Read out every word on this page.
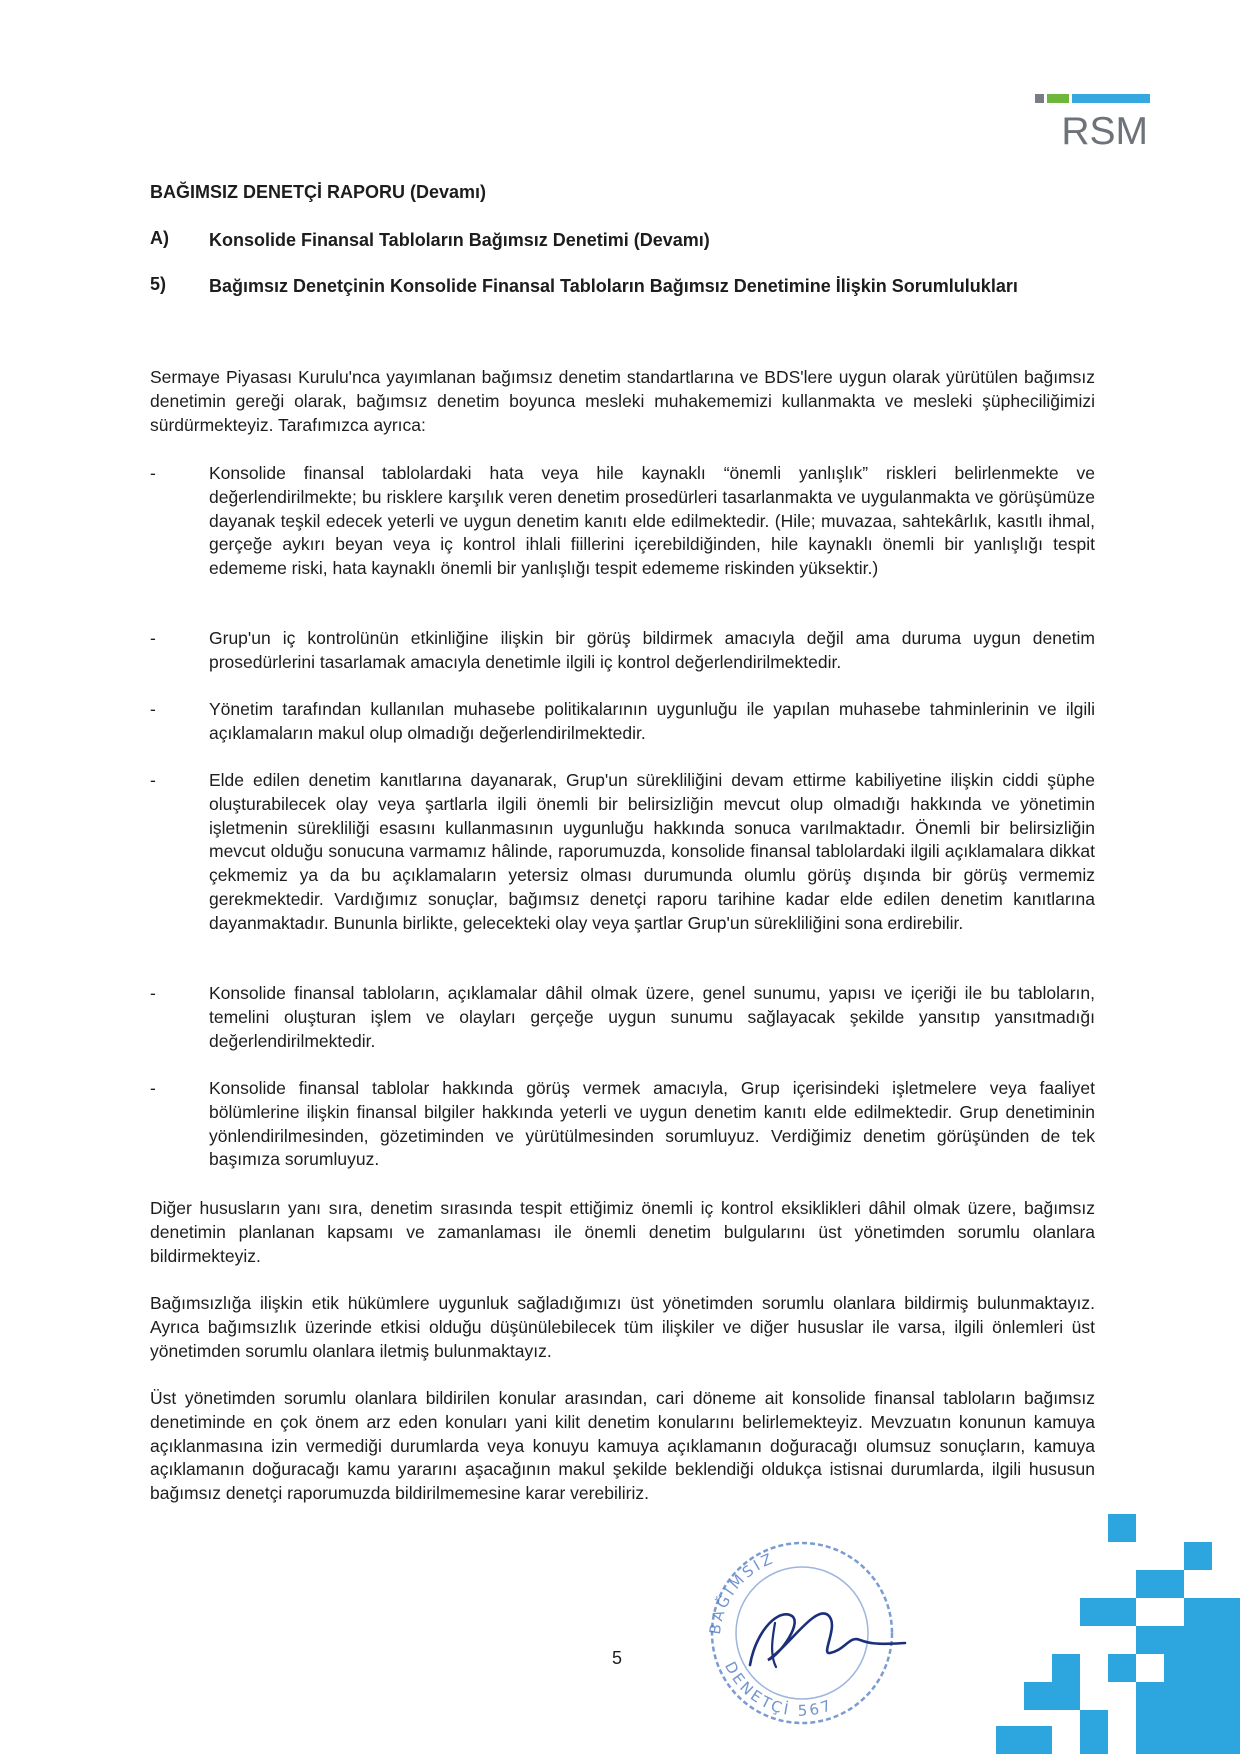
RSM
BAĞIMSIZ DENETÇİ RAPORU (Devamı)
A) Konsolide Finansal Tabloların Bağımsız Denetimi (Devamı)
5) Bağımsız Denetçinin Konsolide Finansal Tabloların Bağımsız Denetimine İlişkin Sorumlulukları

Sermaye Piyasası Kurulu'nca yayımlanan bağımsız denetim standartlarına ve BDS'lere uygun olarak yürütülen bağımsız denetimin gereği olarak, bağımsız denetim boyunca mesleki muhakememizi kullanmakta ve mesleki şüpheciliğimizi sürdürmekteyiz. Tarafımızca ayrıca:

-	Konsolide finansal tablolardaki hata veya hile kaynaklı “önemli yanlışlık” riskleri belirlenmekte ve değerlendirilmekte; bu risklere karşılık veren denetim prosedürleri tasarlanmakta ve uygulanmakta ve görüşümüze dayanak teşkil edecek yeterli ve uygun denetim kanıtı elde edilmektedir. (Hile; muvazaa, sahtekârlık, kasıtlı ihmal, gerçeğe aykırı beyan veya iç kontrol ihlali fiillerini içerebildiğinden, hile kaynaklı önemli bir yanlışlığı tespit edememe riski, hata kaynaklı önemli bir yanlışlığı tespit edememe riskinden yüksektir.)
-	Grup'un iç kontrolünün etkinliğine ilişkin bir görüş bildirmek amacıyla değil ama duruma uygun denetim prosedürlerini tasarlamak amacıyla denetimle ilgili iç kontrol değerlendirilmektedir.
-	Yönetim tarafından kullanılan muhasebe politikalarının uygunluğu ile yapılan muhasebe tahminlerinin ve ilgili açıklamaların makul olup olmadığı değerlendirilmektedir.
-	Elde edilen denetim kanıtlarına dayanarak, Grup'un sürekliliğini devam ettirme kabiliyetine ilişkin ciddi şüphe oluşturabilecek olay veya şartlarla ilgili önemli bir belirsizliğin mevcut olup olmadığı hakkında ve yönetimin işletmenin sürekliliği esasını kullanmasının uygunluğu hakkında sonuca varılmaktadır. Önemli bir belirsizliğin mevcut olduğu sonucuna varmamız hâlinde, raporumuzda, konsolide finansal tablolardaki ilgili açıklamalara dikkat çekmemiz ya da bu açıklamaların yetersiz olması durumunda olumlu görüş dışında bir görüş vermemiz gerekmektedir. Vardığımız sonuçlar, bağımsız denetçi raporu tarihine kadar elde edilen denetim kanıtlarına dayanmaktadır. Bununla birlikte, gelecekteki olay veya şartlar Grup'un sürekliliğini sona erdirebilir.
-	Konsolide finansal tabloların, açıklamalar dâhil olmak üzere, genel sunumu, yapısı ve içeriği ile bu tabloların, temelini oluşturan işlem ve olayları gerçeğe uygun sunumu sağlayacak şekilde yansıtıp yansıtmadığı değerlendirilmektedir.
-	Konsolide finansal tablolar hakkında görüş vermek amacıyla, Grup içerisindeki işletmelere veya faaliyet bölümlerine ilişkin finansal bilgiler hakkında yeterli ve uygun denetim kanıtı elde edilmektedir. Grup denetiminin yönlendirilmesinden, gözetiminden ve yürütülmesinden sorumluyuz. Verdiğimiz denetim görüşünden de tek başımıza sorumluyuz.

Diğer hususların yanı sıra, denetim sırasında tespit ettiğimiz önemli iç kontrol eksiklikleri dâhil olmak üzere, bağımsız denetimin planlanan kapsamı ve zamanlaması ile önemli denetim bulgularını üst yönetimden sorumlu olanlara bildirmekteyiz.

Bağımsızlığa ilişkin etik hükümlere uygunluk sağladığımızı üst yönetimden sorumlu olanlara bildirmiş bulunmaktayız. Ayrıca bağımsızlık üzerinde etkisi olduğu düşünülebilecek tüm ilişkiler ve diğer hususlar ile varsa, ilgili önlemleri üst yönetimden sorumlu olanlara iletmiş bulunmaktayız.

Üst yönetimden sorumlu olanlara bildirilen konular arasından, cari döneme ait konsolide finansal tabloların bağımsız denetiminde en çok önem arz eden konuları yani kilit denetim konularını belirlemekteyiz. Mevzuatın konunun kamuya açıklanmasına izin vermediği durumlarda veya konuyu kamuya açıklamanın doğuracağı olumsuz sonuçların, kamuya açıklamanın doğuracağı kamu yararını aşacağının makul şekilde beklendiği oldukça istisnai durumlarda, ilgili hususun bağımsız denetçi raporumuzda bildirilmemesine karar verebiliriz.

BAĞIMSIZ
DENETÇİ 567
5
